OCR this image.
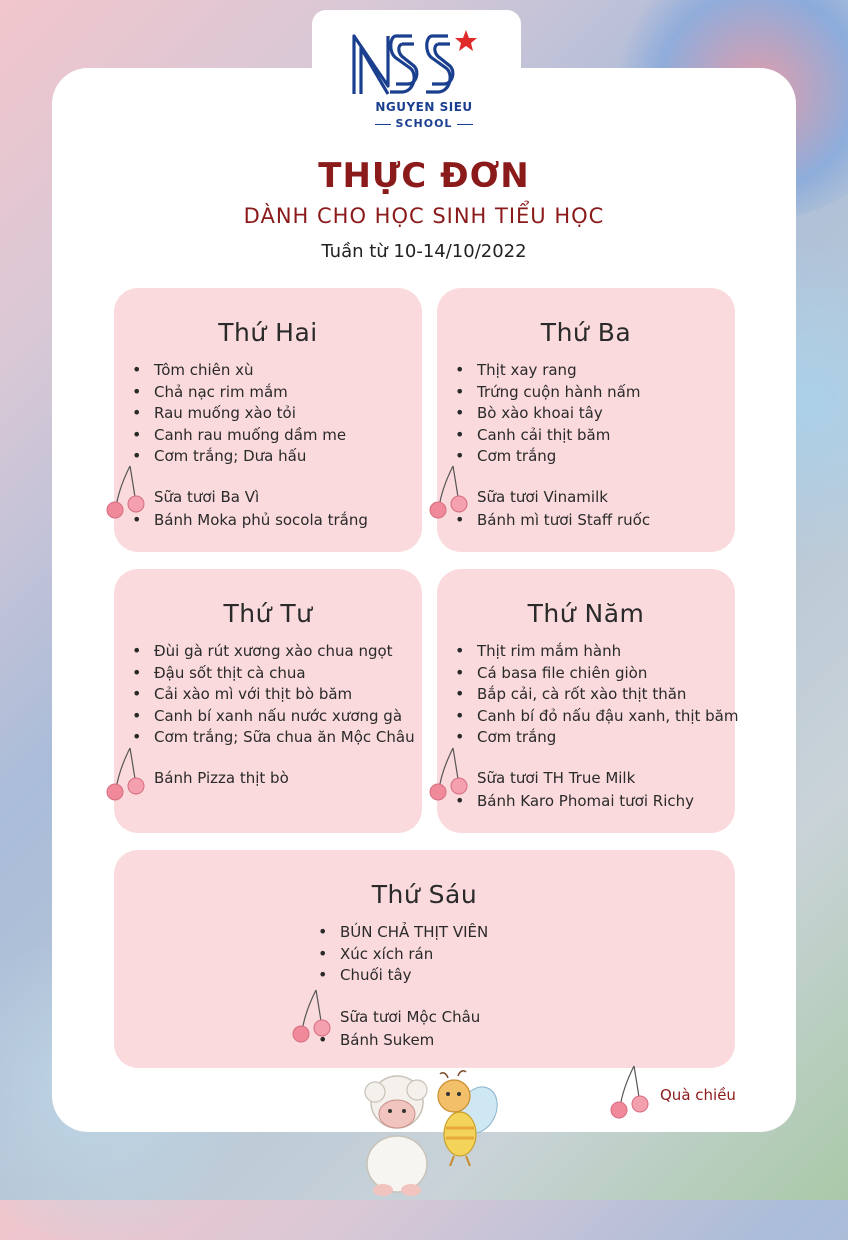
NGUYEN SIEU
SCHOOL
THỰC ĐƠN
DÀNH CHO HỌC SINH TIỂU HỌC
Tuần từ 10-14/10/2022
Thứ Hai
• Tôm chiên xù
• Chả nạc rim mắm
• Rau muống xào tỏi
• Canh rau muống dầm me
• Cơm trắng; Dưa hấu
Sữa tươi Ba Vì
• Bánh Moka phủ socola trắng
Thứ Ba
• Thịt xay rang
• Trứng cuộn hành nấm
• Bò xào khoai tây
• Canh cải thịt băm
• Cơm trắng
Sữa tươi Vinamilk
• Bánh mì tươi Staff ruốc
Thứ Tư
• Đùi gà rút xương xào chua ngọt
• Đậu sốt thịt cà chua
• Cải xào mì với thịt bò băm
• Canh bí xanh nấu nước xương gà
• Cơm trắng; Sữa chua ăn Mộc Châu
Bánh Pizza thịt bò
Thứ Năm
• Thịt rim mắm hành
• Cá basa file chiên giòn
• Bắp cải, cà rốt xào thịt thăn
• Canh bí đỏ nấu đậu xanh, thịt băm
• Cơm trắng
Sữa tươi TH True Milk
• Bánh Karo Phomai tươi Richy
Thứ Sáu
• BÚN CHẢ THỊT VIÊN
• Xúc xích rán
• Chuối tây
Sữa tươi Mộc Châu
• Bánh Sukem
Quà chiều
